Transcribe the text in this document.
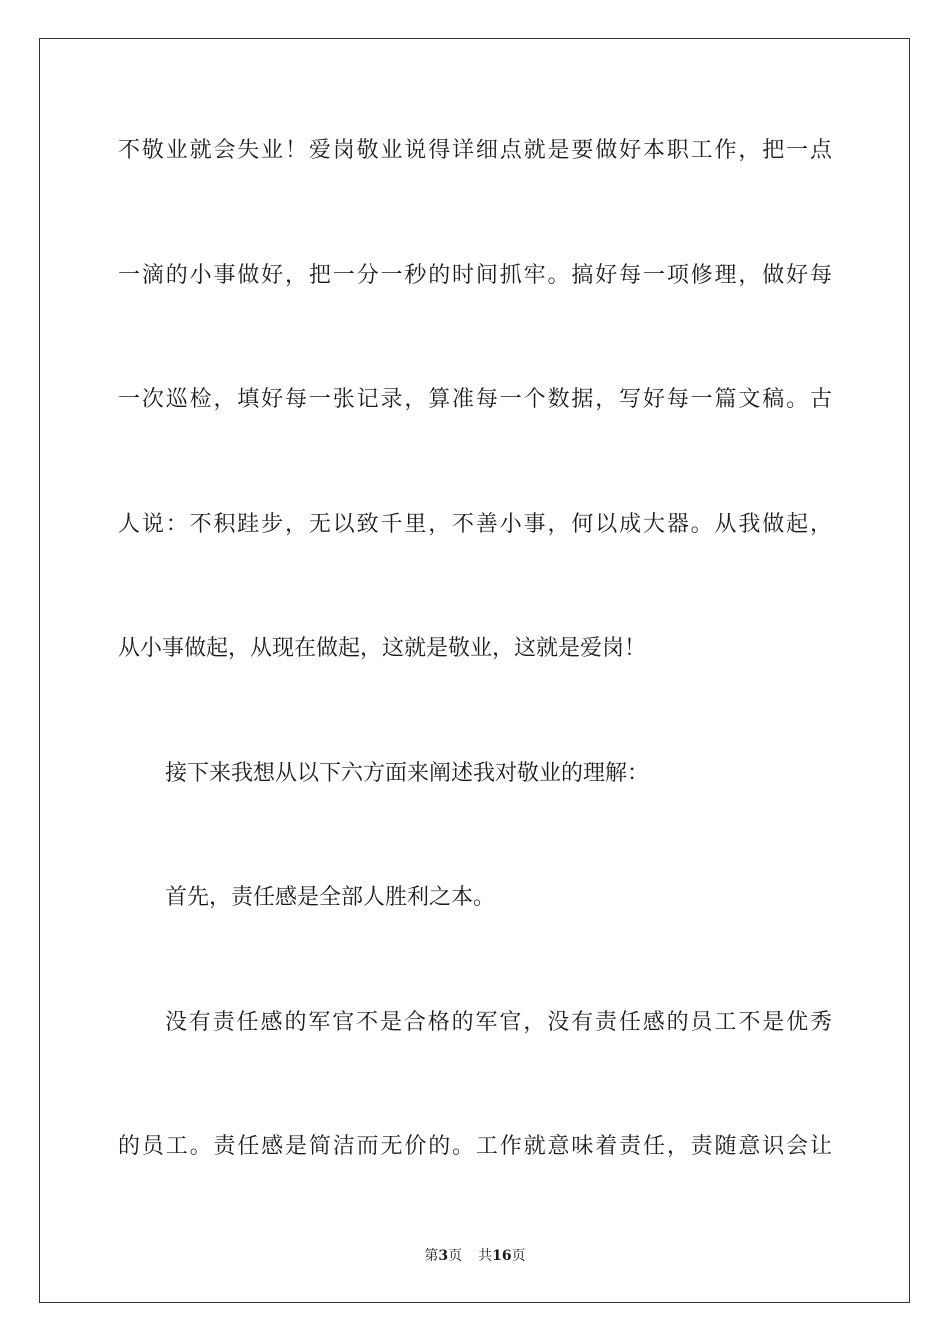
不敬业就会失业！爱岗敬业说得详细点就是要做好本职工作，把一点
一滴的小事做好，把一分一秒的时间抓牢。搞好每一项修理，做好每
一次巡检，填好每一张记录，算准每一个数据，写好每一篇文稿。古
人说：不积跬步，无以致千里，不善小事，何以成大器。从我做起，
从小事做起，从现在做起，这就是敬业，这就是爱岗！
接下来我想从以下六方面来阐述我对敬业的理解：
首先，责任感是全部人胜利之本。
没有责任感的军官不是合格的军官，没有责任感的员工不是优秀
的员工。责任感是简洁而无价的。工作就意味着责任，责随意识会让
第3页 共16页
